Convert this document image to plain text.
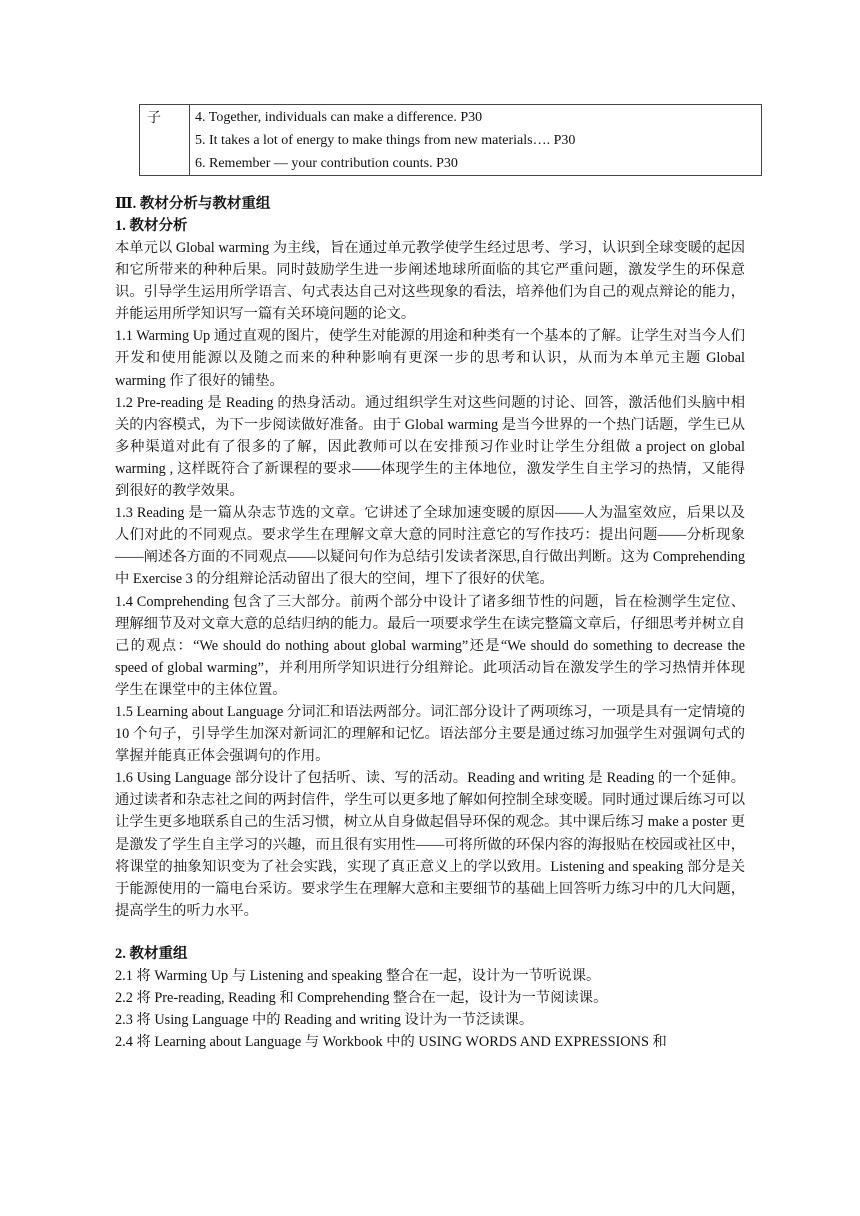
子	4. Together, individuals can make a difference. P30
5. It takes a lot of energy to make things from new materials…. P30
6. Remember — your contribution counts. P30
Ⅲ. 教材分析与教材重组
1. 教材分析

本单元以 Global warming 为主线，旨在通过单元教学使学生经过思考、学习，认识到全球变暖的起因和它所带来的种种后果。同时鼓励学生进一步阐述地球所面临的其它严重问题，激发学生的环保意识。引导学生运用所学语言、句式表达自己对这些现象的看法，培养他们为自己的观点辩论的能力，并能运用所学知识写一篇有关环境问题的论文。

1.1 Warming Up 通过直观的图片，使学生对能源的用途和种类有一个基本的了解。让学生对当今人们开发和使用能源以及随之而来的种种影响有更深一步的思考和认识，从而为本单元主题 Global warming 作了很好的铺垫。

1.2 Pre-reading 是 Reading 的热身活动。通过组织学生对这些问题的讨论、回答，激活他们头脑中相关的内容模式，为下一步阅读做好准备。由于 Global warming 是当今世界的一个热门话题，学生已从多种渠道对此有了很多的了解，因此教师可以在安排预习作业时让学生分组做 a project on global warming , 这样既符合了新课程的要求——体现学生的主体地位，激发学生自主学习的热情，又能得到很好的教学效果。

1.3 Reading 是一篇从杂志节选的文章。它讲述了全球加速变暖的原因——人为温室效应，后果以及人们对此的不同观点。要求学生在理解文章大意的同时注意它的写作技巧：提出问题——分析现象——阐述各方面的不同观点——以疑问句作为总结引发读者深思,自行做出判断。这为 Comprehending 中 Exercise 3 的分组辩论活动留出了很大的空间，埋下了很好的伏笔。

1.4 Comprehending 包含了三大部分。前两个部分中设计了诸多细节性的问题，旨在检测学生定位、理解细节及对文章大意的总结归纳的能力。最后一项要求学生在读完整篇文章后，仔细思考并树立自己的观点：“We should do nothing about global warming”还是“We should do something to decrease the speed of global warming”，并利用所学知识进行分组辩论。此项活动旨在激发学生的学习热情并体现学生在课堂中的主体位置。

1.5 Learning about Language 分词汇和语法两部分。词汇部分设计了两项练习，一项是具有一定情境的 10 个句子，引导学生加深对新词汇的理解和记忆。语法部分主要是通过练习加强学生对强调句式的掌握并能真正体会强调句的作用。

1.6 Using Language 部分设计了包括听、读、写的活动。Reading and writing 是 Reading 的一个延伸。通过读者和杂志社之间的两封信件，学生可以更多地了解如何控制全球变暖。同时通过课后练习可以让学生更多地联系自己的生活习惯，树立从自身做起倡导环保的观念。其中课后练习 make a poster 更是激发了学生自主学习的兴趣，而且很有实用性——可将所做的环保内容的海报贴在校园或社区中，将课堂的抽象知识变为了社会实践，实现了真正意义上的学以致用。Listening and speaking 部分是关于能源使用的一篇电台采访。要求学生在理解大意和主要细节的基础上回答听力练习中的几大问题，提高学生的听力水平。

2. 教材重组

2.1 将 Warming Up 与 Listening and speaking 整合在一起，设计为一节听说课。

2.2 将 Pre-reading, Reading 和 Comprehending 整合在一起，设计为一节阅读课。

2.3 将 Using Language 中的 Reading and writing 设计为一节泛读课。

2.4 将 Learning about Language 与 Workbook 中的 USING WORDS AND EXPRESSIONS 和
